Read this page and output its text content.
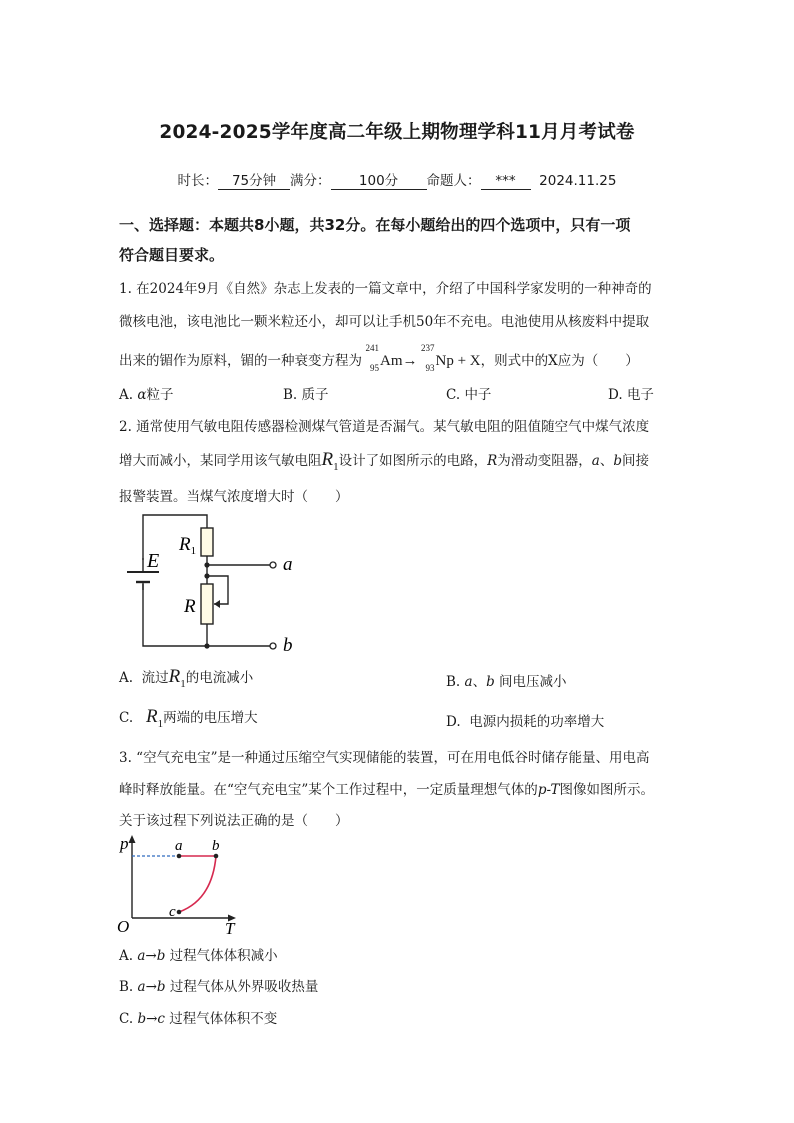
2024-2025学年度高二年级上期物理学科11月月考试卷
时长： 75分钟 满分： 100分 命题人： *** 2024.11.25
一、选择题：本题共8小题，共32分。在每小题给出的四个选项中，只有一项
符合题目要求。
1. 在2024年9月《自然》杂志上发表的一篇文章中，介绍了中国科学家发明的一种神奇的
微核电池，该电池比一颗米粒还小，却可以让手机50年不充电。电池使用从核废料中提取
出来的镅作为原料，镅的一种衰变方程为
241
95 Am→
237
93 Np + X，则式中的X应为（　　）
A. α粒子	B. 质子	C. 中子	D. 电子
2. 通常使用气敏电阻传感器检测煤气管道是否漏气。某气敏电阻的阻值随空气中煤气浓度
增大而减小，某同学用该气敏电阻$R_1$设计了如图所示的电路，R为滑动变阻器，a、b间接
报警装置。当煤气浓度增大时（　　）
E
$R_1$
R
a
b
A. 流过$R_1$的电流减小	B. a、b 间电压减小
C. $R_1$两端的电压增大	D. 电源内损耗的功率增大
3. “空气充电宝”是一种通过压缩空气实现储能的装置，可在用电低谷时储存能量、用电高
峰时释放能量。在“空气充电宝”某个工作过程中，一定质量理想气体的p-T图像如图所示。
关于该过程下列说法正确的是（　　）
p
T
O
a b
c
A. a→b 过程气体体积减小
B. a→b 过程气体从外界吸收热量
C. b→c 过程气体体积不变
